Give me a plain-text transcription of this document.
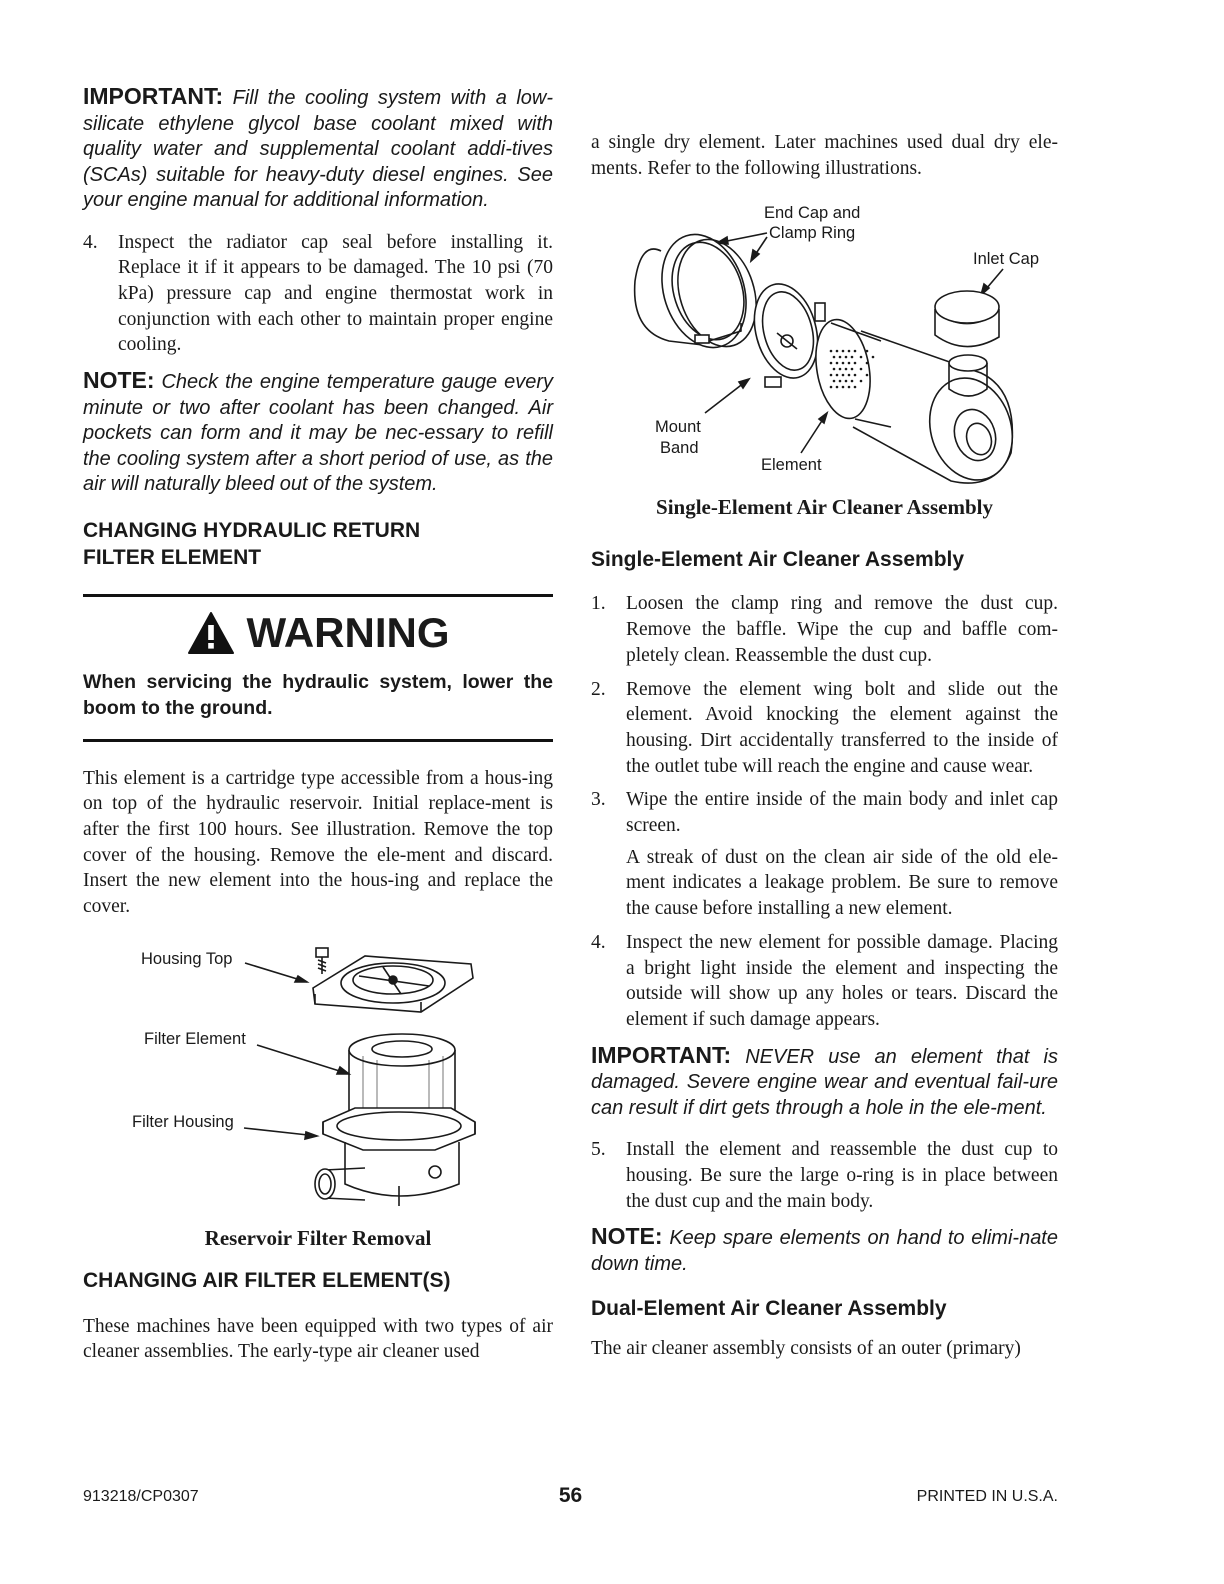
IMPORTANT: Fill the cooling system with a low-silicate ethylene glycol base coolant mixed with quality water and supplemental coolant addi-tives (SCAs) suitable for heavy-duty diesel engines. See your engine manual for additional information.

4. Inspect the radiator cap seal before installing it. Replace it if it appears to be damaged. The 10 psi (70 kPa) pressure cap and engine thermostat work in conjunction with each other to maintain proper engine cooling.

NOTE: Check the engine temperature gauge every minute or two after coolant has been changed. Air pockets can form and it may be nec-essary to refill the cooling system after a short period of use, as the air will naturally bleed out of the system.

CHANGING HYDRAULIC RETURN
FILTER ELEMENT
WARNING

When servicing the hydraulic system, lower the boom to the ground.

This element is a cartridge type accessible from a hous-ing on top of the hydraulic reservoir. Initial replace-ment is after the first 100 hours. See illustration. Remove the top cover of the housing. Remove the ele-ment and discard. Insert the new element into the hous-ing and replace the cover.

Housing Top
Filter Element
Filter Housing
Reservoir Filter Removal
CHANGING AIR FILTER ELEMENT(S)

These machines have been equipped with two types of air cleaner assemblies. The early-type air cleaner used

a single dry element. Later machines used dual dry ele-ments. Refer to the following illustrations.

End Cap and
Clamp Ring
Inlet Cap
Mount
Band
Element
Single-Element Air Cleaner Assembly
Single-Element Air Cleaner Assembly
1. Loosen the clamp ring and remove the dust cup. Remove the baffle. Wipe the cup and baffle com-pletely clean. Reassemble the dust cup.

2. Remove the element wing bolt and slide out the element. Avoid knocking the element against the housing. Dirt accidentally transferred to the inside of the outlet tube will reach the engine and cause wear.

3. Wipe the entire inside of the main body and inlet cap screen.

A streak of dust on the clean air side of the old ele-ment indicates a leakage problem. Be sure to remove the cause before installing a new element.

4. Inspect the new element for possible damage. Placing a bright light inside the element and inspecting the outside will show up any holes or tears. Discard the element if such damage appears.

IMPORTANT: NEVER use an element that is damaged. Severe engine wear and eventual fail-ure can result if dirt gets through a hole in the ele-ment.

5. Install the element and reassemble the dust cup to housing. Be sure the large o-ring is in place between the dust cup and the main body.

NOTE: Keep spare elements on hand to elimi-nate down time.

Dual-Element Air Cleaner Assembly

The air cleaner assembly consists of an outer (primary)

913218/CP0307	56	PRINTED IN U.S.A.
